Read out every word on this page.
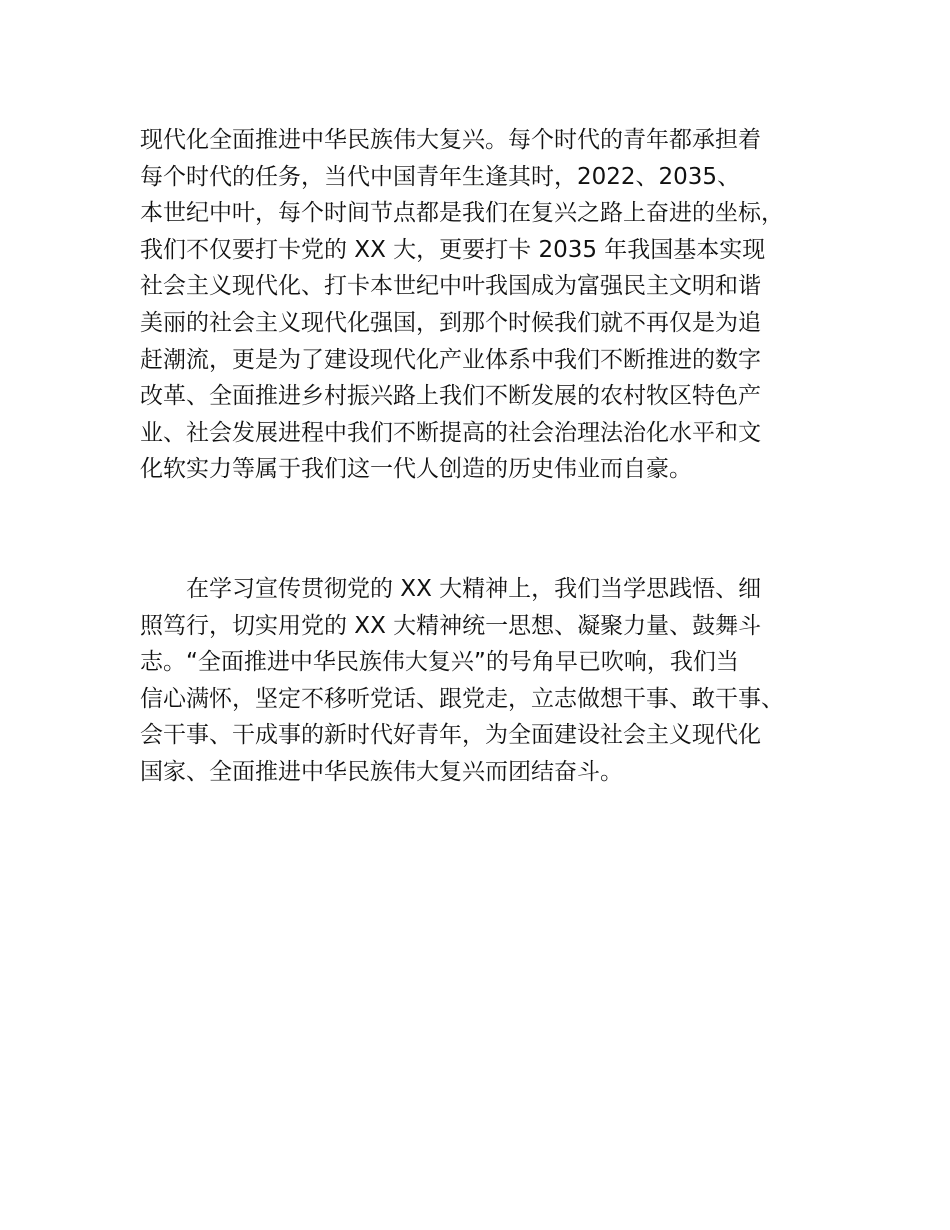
现代化全面推进中华民族伟大复兴。每个时代的青年都承担着
每个时代的任务，当代中国青年生逢其时，2022、2035、
本世纪中叶，每个时间节点都是我们在复兴之路上奋进的坐标，
我们不仅要打卡党的 XX 大，更要打卡 2035 年我国基本实现
社会主义现代化、打卡本世纪中叶我国成为富强民主文明和谐
美丽的社会主义现代化强国，到那个时候我们就不再仅是为追
赶潮流，更是为了建设现代化产业体系中我们不断推进的数字
改革、全面推进乡村振兴路上我们不断发展的农村牧区特色产
业、社会发展进程中我们不断提高的社会治理法治化水平和文
化软实力等属于我们这一代人创造的历史伟业而自豪。

在学习宣传贯彻党的 XX 大精神上，我们当学思践悟、细
照笃行，切实用党的 XX 大精神统一思想、凝聚力量、鼓舞斗
志。“全面推进中华民族伟大复兴”的号角早已吹响，我们当
信心满怀，坚定不移听党话、跟党走，立志做想干事、敢干事、
会干事、干成事的新时代好青年，为全面建设社会主义现代化
国家、全面推进中华民族伟大复兴而团结奋斗。
